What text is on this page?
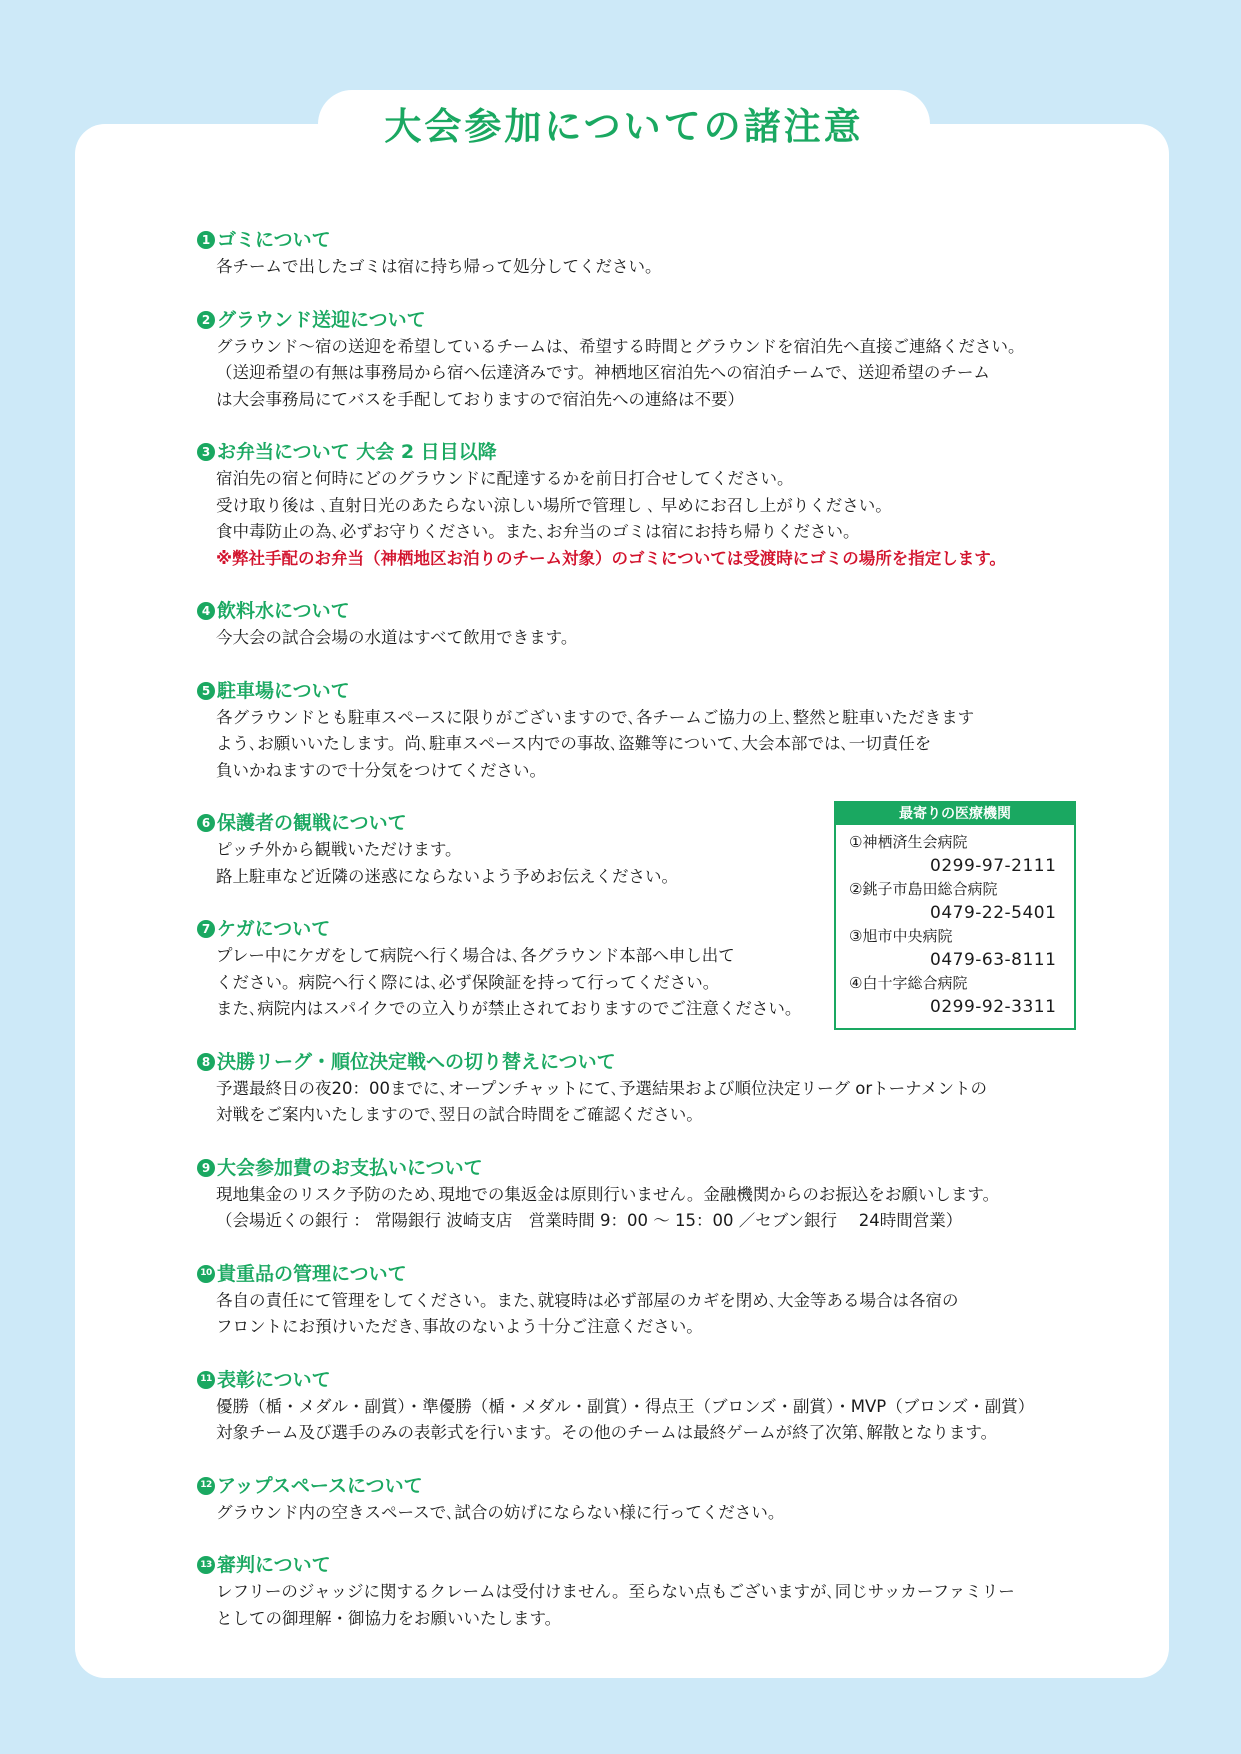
大会参加についての諸注意
1 ゴミについて
各チームで出したゴミは宿に持ち帰って処分してください。
2 グラウンド送迎について
グラウンド〜宿の送迎を希望しているチームは、希望する時間とグラウンドを宿泊先へ直接ご連絡ください。
（送迎希望の有無は事務局から宿へ伝達済みです。神栖地区宿泊先への宿泊チームで、送迎希望のチーム
は大会事務局にてバスを手配しておりますので宿泊先への連絡は不要）
3 お弁当について 大会 2 日目以降
宿泊先の宿と何時にどのグラウンドに配達するかを前日打合せしてください。
受け取り後は ､直射日光のあたらない涼しい場所で管理し ､ 早めにお召し上がりください。
食中毒防止の為､必ずお守りください。また､お弁当のゴミは宿にお持ち帰りください。
※弊社手配のお弁当（神栖地区お泊りのチーム対象）のゴミについては受渡時にゴミの場所を指定します。
4 飲料水について
今大会の試合会場の水道はすべて飲用できます。
5 駐車場について
各グラウンドとも駐車スペースに限りがございますので､各チームご協力の上､整然と駐車いただきます
よう､お願いいたします。尚､駐車スペース内での事故､盗難等について､大会本部では､一切責任を
負いかねますので十分気をつけてください。
6 保護者の観戦について
ピッチ外から観戦いただけます。
路上駐車など近隣の迷惑にならないよう予めお伝えください。
7 ケガについて
プレー中にケガをして病院へ行く場合は､各グラウンド本部へ申し出て
ください。病院へ行く際には､必ず保険証を持って行ってください。
また､病院内はスパイクでの立入りが禁止されておりますのでご注意ください。
8 決勝リーグ・順位決定戦への切り替えについて
予選最終日の夜20：00までに､オープンチャットにて､予選結果および順位決定リーグ orトーナメントの
対戦をご案内いたしますので､翌日の試合時間をご確認ください。
9 大会参加費のお支払いについて
現地集金のリスク予防のため､現地での集返金は原則行いません。金融機関からのお振込をお願いします。
（会場近くの銀行 ： 常陽銀行 波崎支店　営業時間 9：00 〜 15：00 ／セブン銀行　 24時間営業）
10 貴重品の管理について
各自の責任にて管理をしてください。また､就寝時は必ず部屋のカギを閉め､大金等ある場合は各宿の
フロントにお預けいただき､事故のないよう十分ご注意ください。
11 表彰について
優勝（楯・メダル・副賞）・準優勝（楯・メダル・副賞）・得点王（ブロンズ・副賞）・MVP（ブロンズ・副賞）
対象チーム及び選手のみの表彰式を行います。その他のチームは最終ゲームが終了次第､解散となります。
12 アップスペースについて
グラウンド内の空きスペースで､試合の妨げにならない様に行ってください。
13 審判について
レフリーのジャッジに関するクレームは受付けません。至らない点もございますが､同じサッカーファミリー
としての御理解・御協力をお願いいたします。
最寄りの医療機関
①神栖済生会病院
0299-97-2111
②銚子市島田総合病院
0479-22-5401
③旭市中央病院
0479-63-8111
④白十字総合病院
0299-92-3311
